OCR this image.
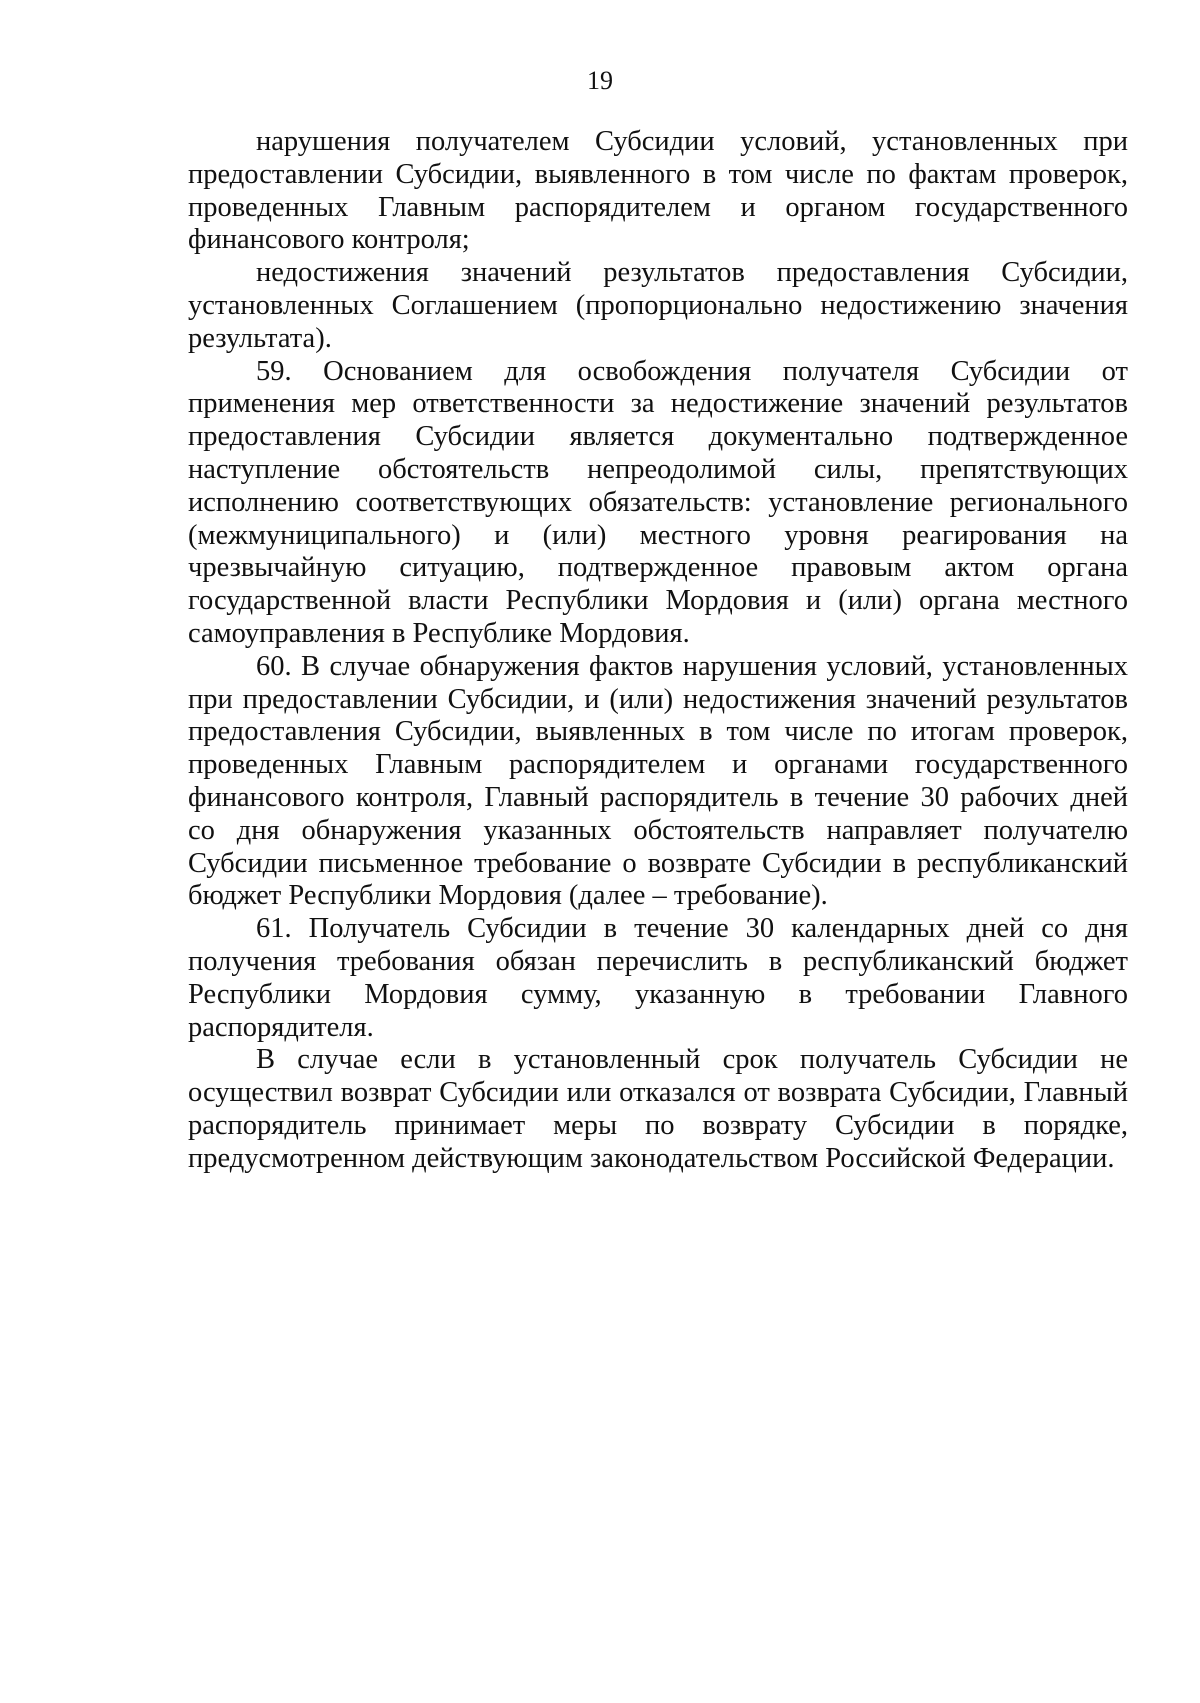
19

нарушения получателем Субсидии условий, установленных при предоставлении Субсидии, выявленного в том числе по фактам проверок, проведенных Главным распорядителем и органом государственного финансового контроля;

недостижения значений результатов предоставления Субсидии, установленных Соглашением (пропорционально недостижению значения результата).

59. Основанием для освобождения получателя Субсидии от применения мер ответственности за недостижение значений результатов предоставления Субсидии является документально подтвержденное наступление обстоятельств непреодолимой силы, препятствующих исполнению соответствующих обязательств: установление регионального (межмуниципального) и (или) местного уровня реагирования на чрезвычайную ситуацию, подтвержденное правовым актом органа государственной власти Республики Мордовия и (или) органа местного самоуправления в Республике Мордовия.

60. В случае обнаружения фактов нарушения условий, установленных при предоставлении Субсидии, и (или) недостижения значений результатов предоставления Субсидии, выявленных в том числе по итогам проверок, проведенных Главным распорядителем и органами государственного финансового контроля, Главный распорядитель в течение 30 рабочих дней со дня обнаружения указанных обстоятельств направляет получателю Субсидии письменное требование о возврате Субсидии в республиканский бюджет Республики Мордовия (далее – требование).

61. Получатель Субсидии в течение 30 календарных дней со дня получения требования обязан перечислить в республиканский бюджет Республики Мордовия сумму, указанную в требовании Главного распорядителя.

В случае если в установленный срок получатель Субсидии не осуществил возврат Субсидии или отказался от возврата Субсидии, Главный распорядитель принимает меры по возврату Субсидии в порядке, предусмотренном действующим законодательством Российской Федерации.
